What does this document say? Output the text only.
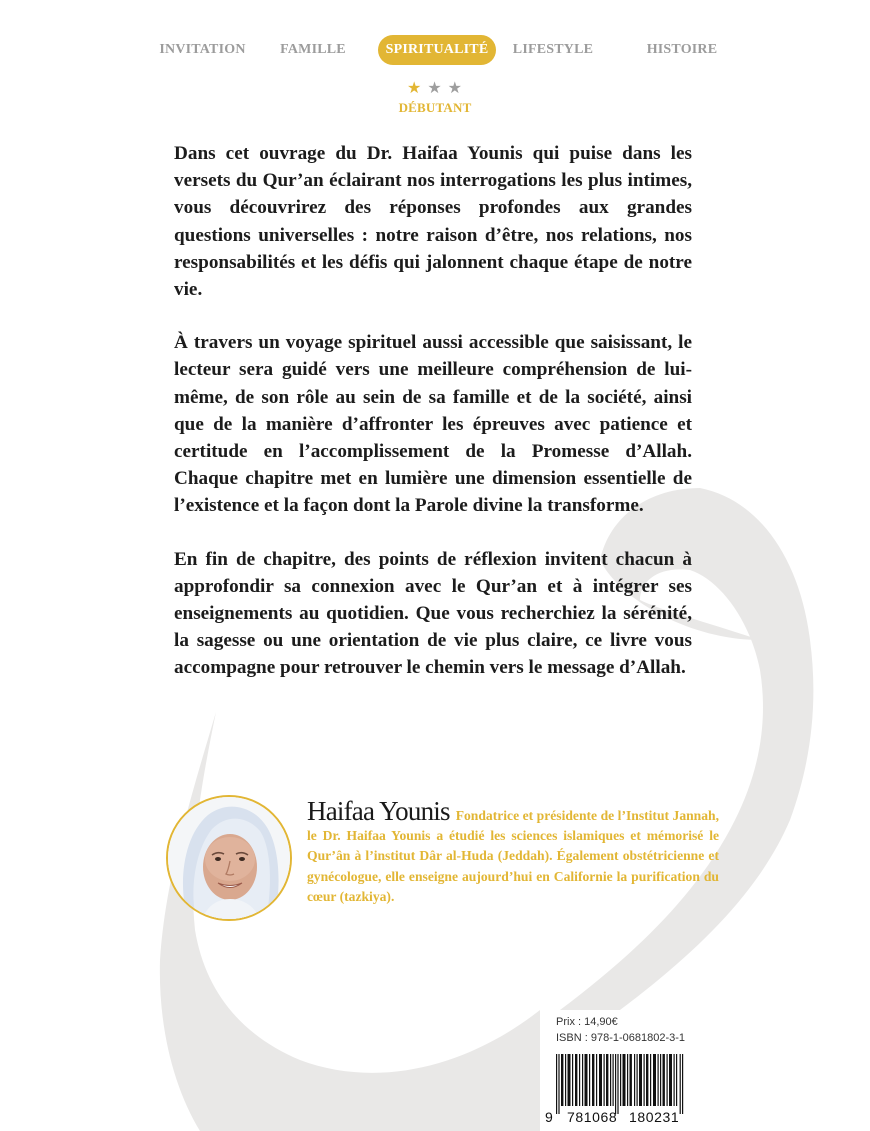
INVITATION	FAMILLE	SPIRITUALITÉ	LIFESTYLE	HISTOIRE
★ ★ ★
DÉBUTANT

Dans cet ouvrage du Dr. Haifaa Younis qui puise dans les versets du Qur’an éclairant nos interrogations les plus intimes, vous découvrirez des réponses profondes aux grandes questions universelles : notre raison d’être, nos relations, nos responsabilités et les défis qui jalonnent chaque étape de notre vie.

À travers un voyage spirituel aussi accessible que saisissant, le lecteur sera guidé vers une meilleure compréhension de lui-même, de son rôle au sein de sa famille et de la société, ainsi que de la manière d’affronter les épreuves avec patience et certitude en l’accomplissement de la Promesse d’Allah. Chaque chapitre met en lumière une dimension essentielle de l’existence et la façon dont la Parole divine la transforme.

En fin de chapitre, des points de réflexion invitent chacun à approfondir sa connexion avec le Qur’an et à intégrer ses enseignements au quotidien. Que vous recherchiez la sérénité, la sagesse ou une orientation de vie plus claire, ce livre vous accompagne pour retrouver le chemin vers le message d’Allah.

Haifaa Younis Fondatrice et présidente de l’Institut Jannah, le Dr. Haifaa Younis a étudié les sciences islamiques et mémorisé le Qur’ân à l’institut Dâr al-Huda (Jeddah). Également obstétricienne et gynécologue, elle enseigne aujourd’hui en Californie la purification du cœur (tazkiya).
Prix : 14,90€
ISBN : 978-1-0681802-3-1
9 781068 180231
